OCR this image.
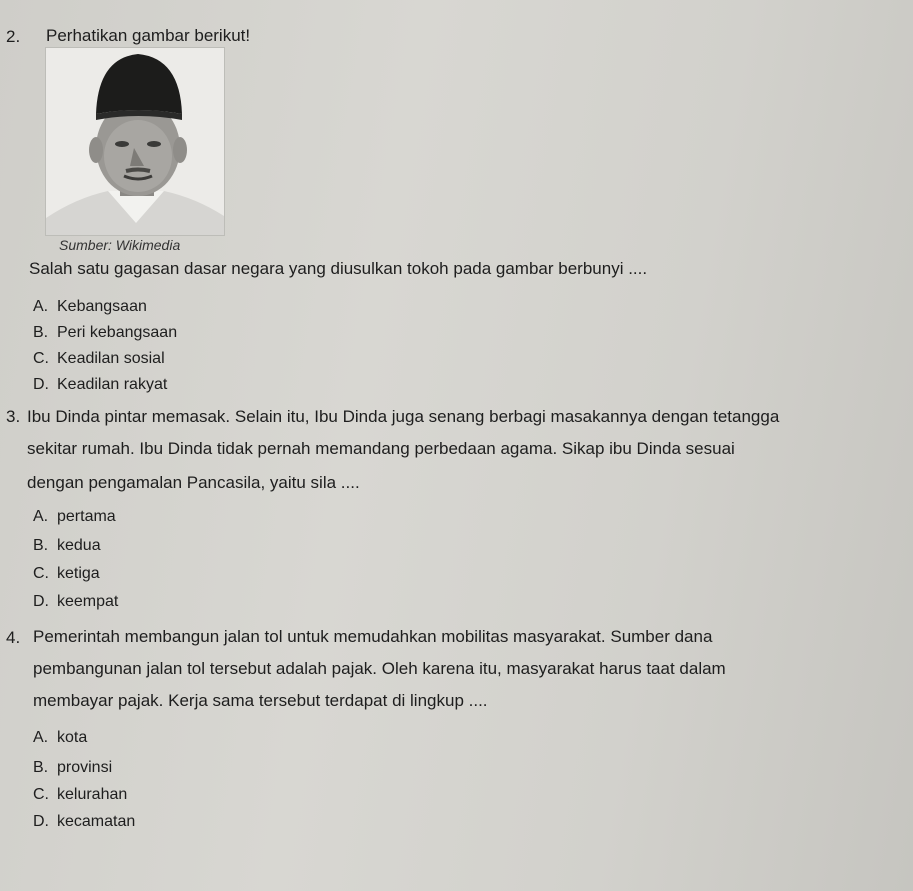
2. Perhatikan gambar berikut!
Sumber: Wikimedia
Salah satu gagasan dasar negara yang diusulkan tokoh pada gambar berbunyi ....
A. Kebangsaan
B. Peri kebangsaan
C. Keadilan sosial
D. Keadilan rakyat
3. Ibu Dinda pintar memasak. Selain itu, Ibu Dinda juga senang berbagi masakannya dengan tetangga
sekitar rumah. Ibu Dinda tidak pernah memandang perbedaan agama. Sikap ibu Dinda sesuai
dengan pengamalan Pancasila, yaitu sila ....
A. pertama
B. kedua
C. ketiga
D. keempat
4. Pemerintah membangun jalan tol untuk memudahkan mobilitas masyarakat. Sumber dana
pembangunan jalan tol tersebut adalah pajak. Oleh karena itu, masyarakat harus taat dalam
membayar pajak. Kerja sama tersebut terdapat di lingkup ....
A. kota
B. provinsi
C. kelurahan
D. kecamatan
